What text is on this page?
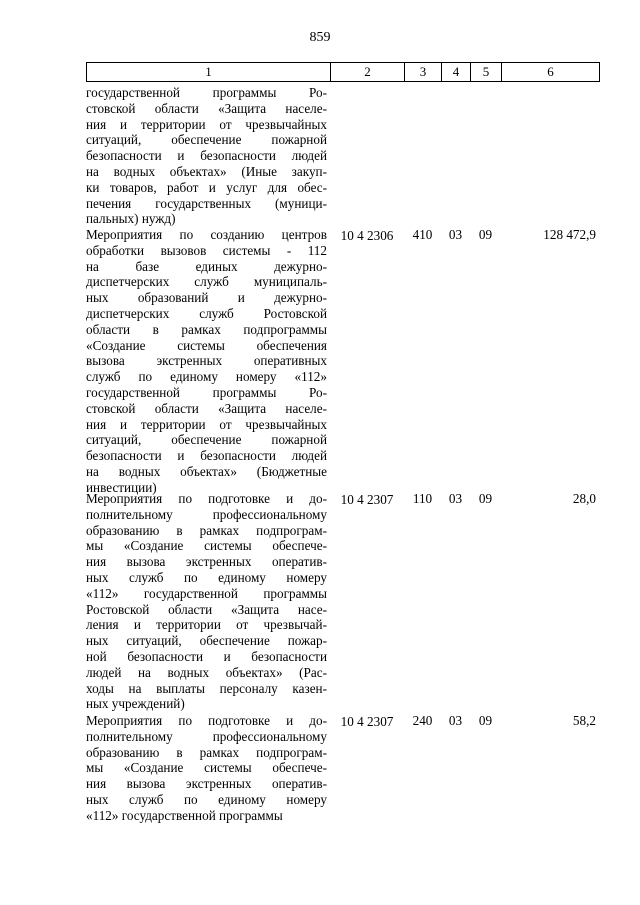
859
1	2	3	4	5	6
государственной программы Ро-
стовской области «Защита населе-
ния и территории от чрезвычайных
ситуаций, обеспечение пожарной
безопасности и безопасности людей
на водных объектах» (Иные закуп-
ки товаров, работ и услуг для обес-
печения государственных (муници-
пальных) нужд)
Мероприятия по созданию центров
обработки вызовов системы - 112
на базе единых дежурно-
диспетчерских служб муниципаль-
ных образований и дежурно-
диспетчерских служб Ростовской
области в рамках подпрограммы
«Создание системы обеспечения
вызова экстренных оперативных
служб по единому номеру «112»
государственной программы Ро-
стовской области «Защита населе-
ния и территории от чрезвычайных
ситуаций, обеспечение пожарной
безопасности и безопасности людей
на водных объектах» (Бюджетные
инвестиции)
10 4 2306	410	03	09	128 472,9
Мероприятия по подготовке и до-
полнительному профессиональному
образованию в рамках подпрограм-
мы «Создание системы обеспече-
ния вызова экстренных оператив-
ных служб по единому номеру
«112» государственной программы
Ростовской области «Защита насе-
ления и территории от чрезвычай-
ных ситуаций, обеспечение пожар-
ной безопасности и безопасности
людей на водных объектах» (Рас-
ходы на выплаты персоналу казен-
ных учреждений)
10 4 2307	110	03	09	28,0
Мероприятия по подготовке и до-
полнительному профессиональному
образованию в рамках подпрограм-
мы «Создание системы обеспече-
ния вызова экстренных оператив-
ных служб по единому номеру
«112» государственной программы
10 4 2307	240	03	09	58,2
